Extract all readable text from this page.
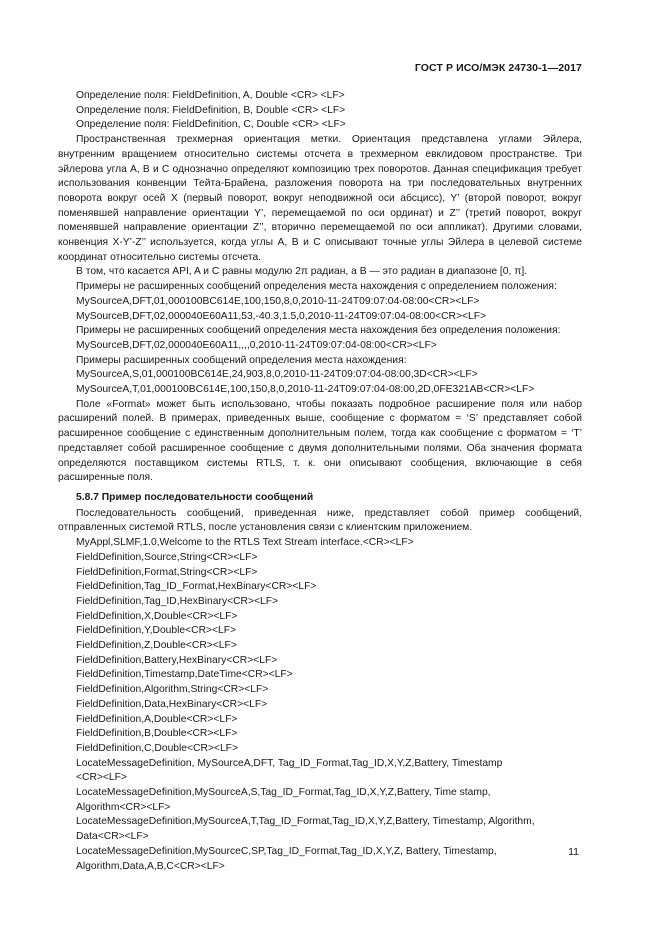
ГОСТ Р ИСО/МЭК 24730-1—2017

Определение поля: FieldDefinition, A, Double <CR> <LF>

Определение поля: FieldDefinition, B, Double <CR> <LF>

Определение поля: FieldDefinition, C, Double <CR> <LF>

Пространственная трехмерная ориентация метки. Ориентация представлена углами Эйлера, внутренним вращением относительно системы отсчета в трехмерном евклидовом пространстве. Три эйлерова угла A, B и C однозначно определяют композицию трех поворотов. Данная спецификация требует использования конвенции Тейта-Брайена, разложения поворота на три последовательных внутренних поворота вокруг осей X (первый поворот, вокруг неподвижной оси абсцисс), Y’ (второй поворот, вокруг поменявшей направление ориентации Y’, перемещаемой по оси ординат) и Z’’ (третий поворот, вокруг поменявшей направление ориентации Z’’, вторично перемещаемой по оси аппликат). Другими словами, конвенция X-Y’-Z’’ используется, когда углы A, B и C описывают точные углы Эйлера в целевой системе координат относительно системы отсчета.

В том, что касается API, A и C равны модулю 2π радиан, а B — это радиан в диапазоне [0, π].

Примеры не расширенных сообщений определения места нахождения с определением положения:

MySourceA,DFT,01,000100BC614E,100,150,8,0,2010-11-24T09:07:04-08:00<CR><LF>

MySourceB,DFT,02,000040E60A11,53,-40.3,1.5,0,2010-11-24T09:07:04-08:00<CR><LF>

Примеры не расширенных сообщений определения места нахождения без определения положения:

MySourceB,DFT,02,000040E60A11,,,,0,2010-11-24T09:07:04-08:00<CR><LF>

Примеры расширенных сообщений определения места нахождения:

MySourceA,S,01,000100BC614E,24,903,8,0,2010-11-24T09:07:04-08:00,3D<CR><LF>

MySourceA,T,01,000100BC614E,100,150,8,0,2010-11-24T09:07:04-08:00,2D,0FE321AB<CR><LF>

Поле «Format» может быть использовано, чтобы показать подробное расширение поля или набор расширений полей. В примерах, приведенных выше, сообщение с форматом = ‘S’ представляет собой расширенное сообщение с единственным дополнительным полем, тогда как сообщение с форматом = ‘T’ представляет собой расширенное сообщение с двумя дополнительными полями. Оба значения формата определяются поставщиком системы RTLS, т. к. они описывают сообщения, включающие в себя расширенные поля.

5.8.7 Пример последовательности сообщений

Последовательность сообщений, приведенная ниже, представляет собой пример сообщений, отправленных системой RTLS, после установления связи с клиентским приложением.

MyAppl,SLMF,1.0,Welcome to the RTLS Text Stream interface.<CR><LF>

FieldDefinition,Source,String<CR><LF>

FieldDefinition,Format,String<CR><LF>

FieldDefinition,Tag_ID_Format,HexBinary<CR><LF>

FieldDefinition,Tag_ID,HexBinary<CR><LF>

FieldDefinition,X,Double<CR><LF>

FieldDefinition,Y,Double<CR><LF>

FieldDefinition,Z,Double<CR><LF>

FieldDefinition,Battery,HexBinary<CR><LF>

FieldDefinition,Timestamp,DateTime<CR><LF>

FieldDefinition,Algorithm,String<CR><LF>

FieldDefinition,Data,HexBinary<CR><LF>

FieldDefinition,A,Double<CR><LF>

FieldDefinition,B,Double<CR><LF>

FieldDefinition,C,Double<CR><LF>

LocateMessageDefinition, MySourceA,DFT, Tag_ID_Format,Tag_ID,X,Y,Z,Battery, Timestamp

<CR><LF>

LocateMessageDefinition,MySourceA,S,Tag_ID_Format,Tag_ID,X,Y,Z,Battery, Time stamp,

Algorithm<CR><LF>

LocateMessageDefinition,MySourceA,T,Tag_ID_Format,Tag_ID,X,Y,Z,Battery, Timestamp, Algorithm,

Data<CR><LF>

LocateMessageDefinition,MySourceC,SP,Tag_ID_Format,Tag_ID,X,Y,Z, Battery, Timestamp,

Algorithm,Data,A,B,C<CR><LF>

11
